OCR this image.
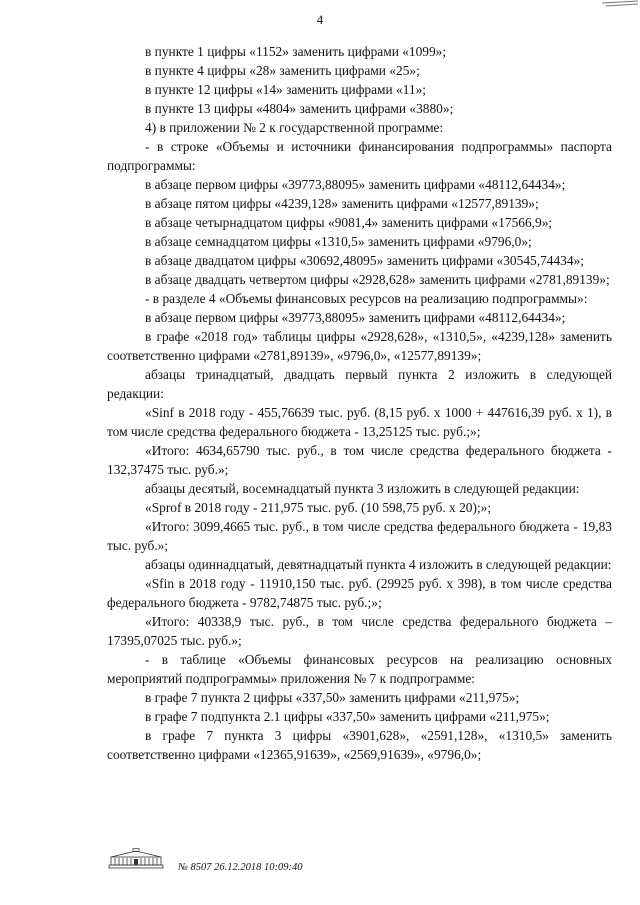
4

в пункте 1 цифры «1152» заменить цифрами «1099»;

в пункте 4 цифры «28» заменить цифрами «25»;

в пункте 12 цифры «14» заменить цифрами «11»;

в пункте 13 цифры «4804» заменить цифрами «3880»;

4) в приложении № 2 к государственной программе:

- в строке «Объемы и источники финансирования подпрограммы» паспорта подпрограммы:

в абзаце первом цифры «39773,88095» заменить цифрами «48112,64434»;

в абзаце пятом цифры «4239,128» заменить цифрами «12577,89139»;

в абзаце четырнадцатом цифры «9081,4» заменить цифрами «17566,9»;

в абзаце семнадцатом цифры «1310,5» заменить цифрами «9796,0»;

в абзаце двадцатом цифры «30692,48095» заменить цифрами «30545,74434»;

в абзаце двадцать четвертом цифры «2928,628» заменить цифрами «2781,89139»;

- в разделе 4 «Объемы финансовых ресурсов на реализацию подпрограммы»:

в абзаце первом цифры «39773,88095» заменить цифрами «48112,64434»;

в графе «2018 год» таблицы цифры «2928,628», «1310,5», «4239,128» заменить соответственно цифрами «2781,89139», «9796,0», «12577,89139»;

абзацы тринадцатый, двадцать первый пункта 2 изложить в следующей редакции:

«Sinf в 2018 году - 455,76639 тыс. руб. (8,15 руб. х 1000 + 447616,39 руб. х 1), в том числе средства федерального бюджета - 13,25125 тыс. руб.;»;

«Итого: 4634,65790 тыс. руб., в том числе средства федерального бюджета - 132,37475 тыс. руб.»;

абзацы десятый, восемнадцатый пункта 3 изложить в следующей редакции:

«Sprof в 2018 году - 211,975 тыс. руб. (10 598,75 руб. х 20);»;

«Итого: 3099,4665 тыс. руб., в том числе средства федерального бюджета - 19,83 тыс. руб.»;

абзацы одиннадцатый, девятнадцатый пункта 4 изложить в следующей редакции:

«Sfin в 2018 году - 11910,150 тыс. руб. (29925 руб. х 398), в том числе средства федерального бюджета - 9782,74875 тыс. руб.;»;

«Итого: 40338,9 тыс. руб., в том числе средства федерального бюджета – 17395,07025 тыс. руб.»;

- в таблице «Объемы финансовых ресурсов на реализацию основных мероприятий подпрограммы» приложения № 7 к подпрограмме:

в графе 7 пункта 2 цифры «337,50» заменить цифрами «211,975»;

в графе 7 подпункта 2.1 цифры «337,50» заменить цифрами «211,975»;

в графе 7 пункта 3 цифры «3901,628», «2591,128», «1310,5» заменить соответственно цифрами «12365,91639», «2569,91639», «9796,0»;

№ 8507 26.12.2018 10:09:40
